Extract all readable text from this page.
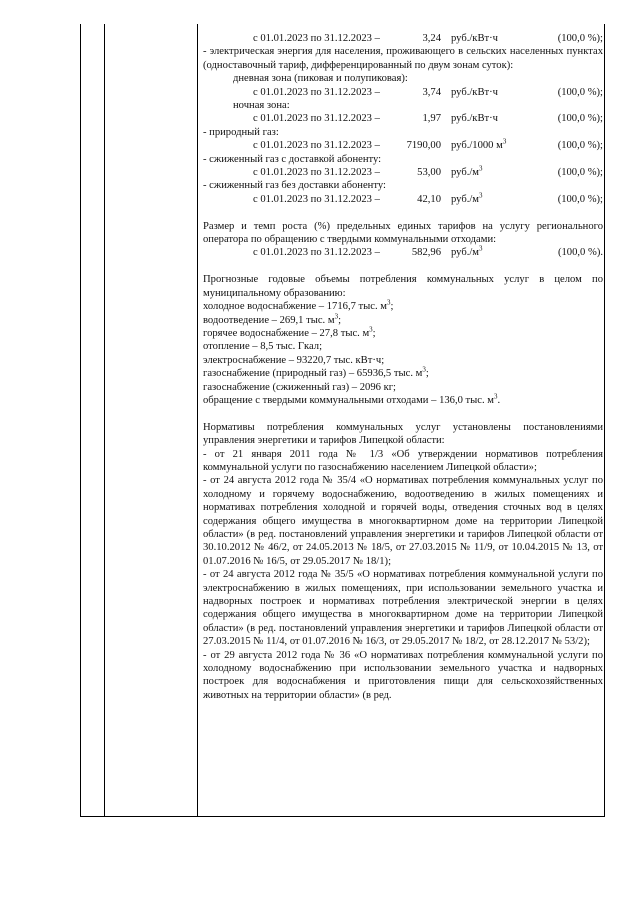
с 01.01.2023 по 31.12.2023 –	3,24 руб./кВт·ч	(100,0 %);

- электрическая энергия для населения, проживающего в сельских населенных пунктах (одноставочный тариф, дифференцированный по двум зонам суток):

дневная зона (пиковая и полупиковая):
с 01.01.2023 по 31.12.2023 –	3,74 руб./кВт·ч	(100,0 %);
ночная зона:
с 01.01.2023 по 31.12.2023 –	1,97 руб./кВт·ч	(100,0 %);
- природный газ:
с 01.01.2023 по 31.12.2023 –	7190,00 руб./1000 $м^3$	(100,0 %);
- сжиженный газ с доставкой абоненту:
с 01.01.2023 по 31.12.2023 –	53,00 $руб./м^3$	(100,0 %);
- сжиженный газ без доставки абоненту:
с 01.01.2023 по 31.12.2023 –	42,10 $руб./м^3$	(100,0 %);

Размер и темп роста (%) предельных единых тарифов на услугу регионального оператора по обращению с твердыми коммунальными отходами:

с 01.01.2023 по 31.12.2023 –	582,96 $руб./м^3$	(100,0 %).

Прогнозные годовые объемы потребления коммунальных услуг в целом по муниципальному образованию:

холодное водоснабжение – 1716,7 тыс. $м^3$;
водоотведение – 269,1 тыс. $м^3$;
горячее водоснабжение – 27,8 тыс. $м^3$;
отопление – 8,5 тыс. Гкал;
электроснабжение – 93220,7 тыс. кВт·ч;
газоснабжение (природный газ) – 65936,5 тыс. $м^3$;
газоснабжение (сжиженный газ) – 2096 кг;
обращение с твердыми коммунальными отходами – 136,0 тыс. $м^3$.

Нормативы потребления коммунальных услуг установлены постановлениями управления энергетики и тарифов Липецкой области:

- от 21 января 2011 года № 1/3 «Об утверждении нормативов потребления коммунальной услуги по газоснабжению населением Липецкой области»;

- от 24 августа 2012 года № 35/4 «О нормативах потребления коммунальных услуг по холодному и горячему водоснабжению, водоотведению в жилых помещениях и нормативах потребления холодной и горячей воды, отведения сточных вод в целях содержания общего имущества в многоквартирном доме на территории Липецкой области» (в ред. постановлений управления энергетики и тарифов Липецкой области от 30.10.2012 № 46/2, от 24.05.2013 № 18/5, от 27.03.2015 № 11/9, от 10.04.2015 № 13, от 01.07.2016 № 16/5, от 29.05.2017 № 18/1);

- от 24 августа 2012 года № 35/5 «О нормативах потребления коммунальной услуги по электроснабжению в жилых помещениях, при использовании земельного участка и надворных построек и нормативах потребления электрической энергии в целях содержания общего имущества в многоквартирном доме на территории Липецкой области» (в ред. постановлений управления энергетики и тарифов Липецкой области от 27.03.2015 № 11/4, от 01.07.2016 № 16/3, от 29.05.2017 № 18/2, от 28.12.2017 № 53/2);

- от 29 августа 2012 года № 36 «О нормативах потребления коммунальной услуги по холодному водоснабжению при использовании земельного участка и надворных построек для водоснабжения и приготовления пищи для сельскохозяйственных животных на территории области» (в ред.
